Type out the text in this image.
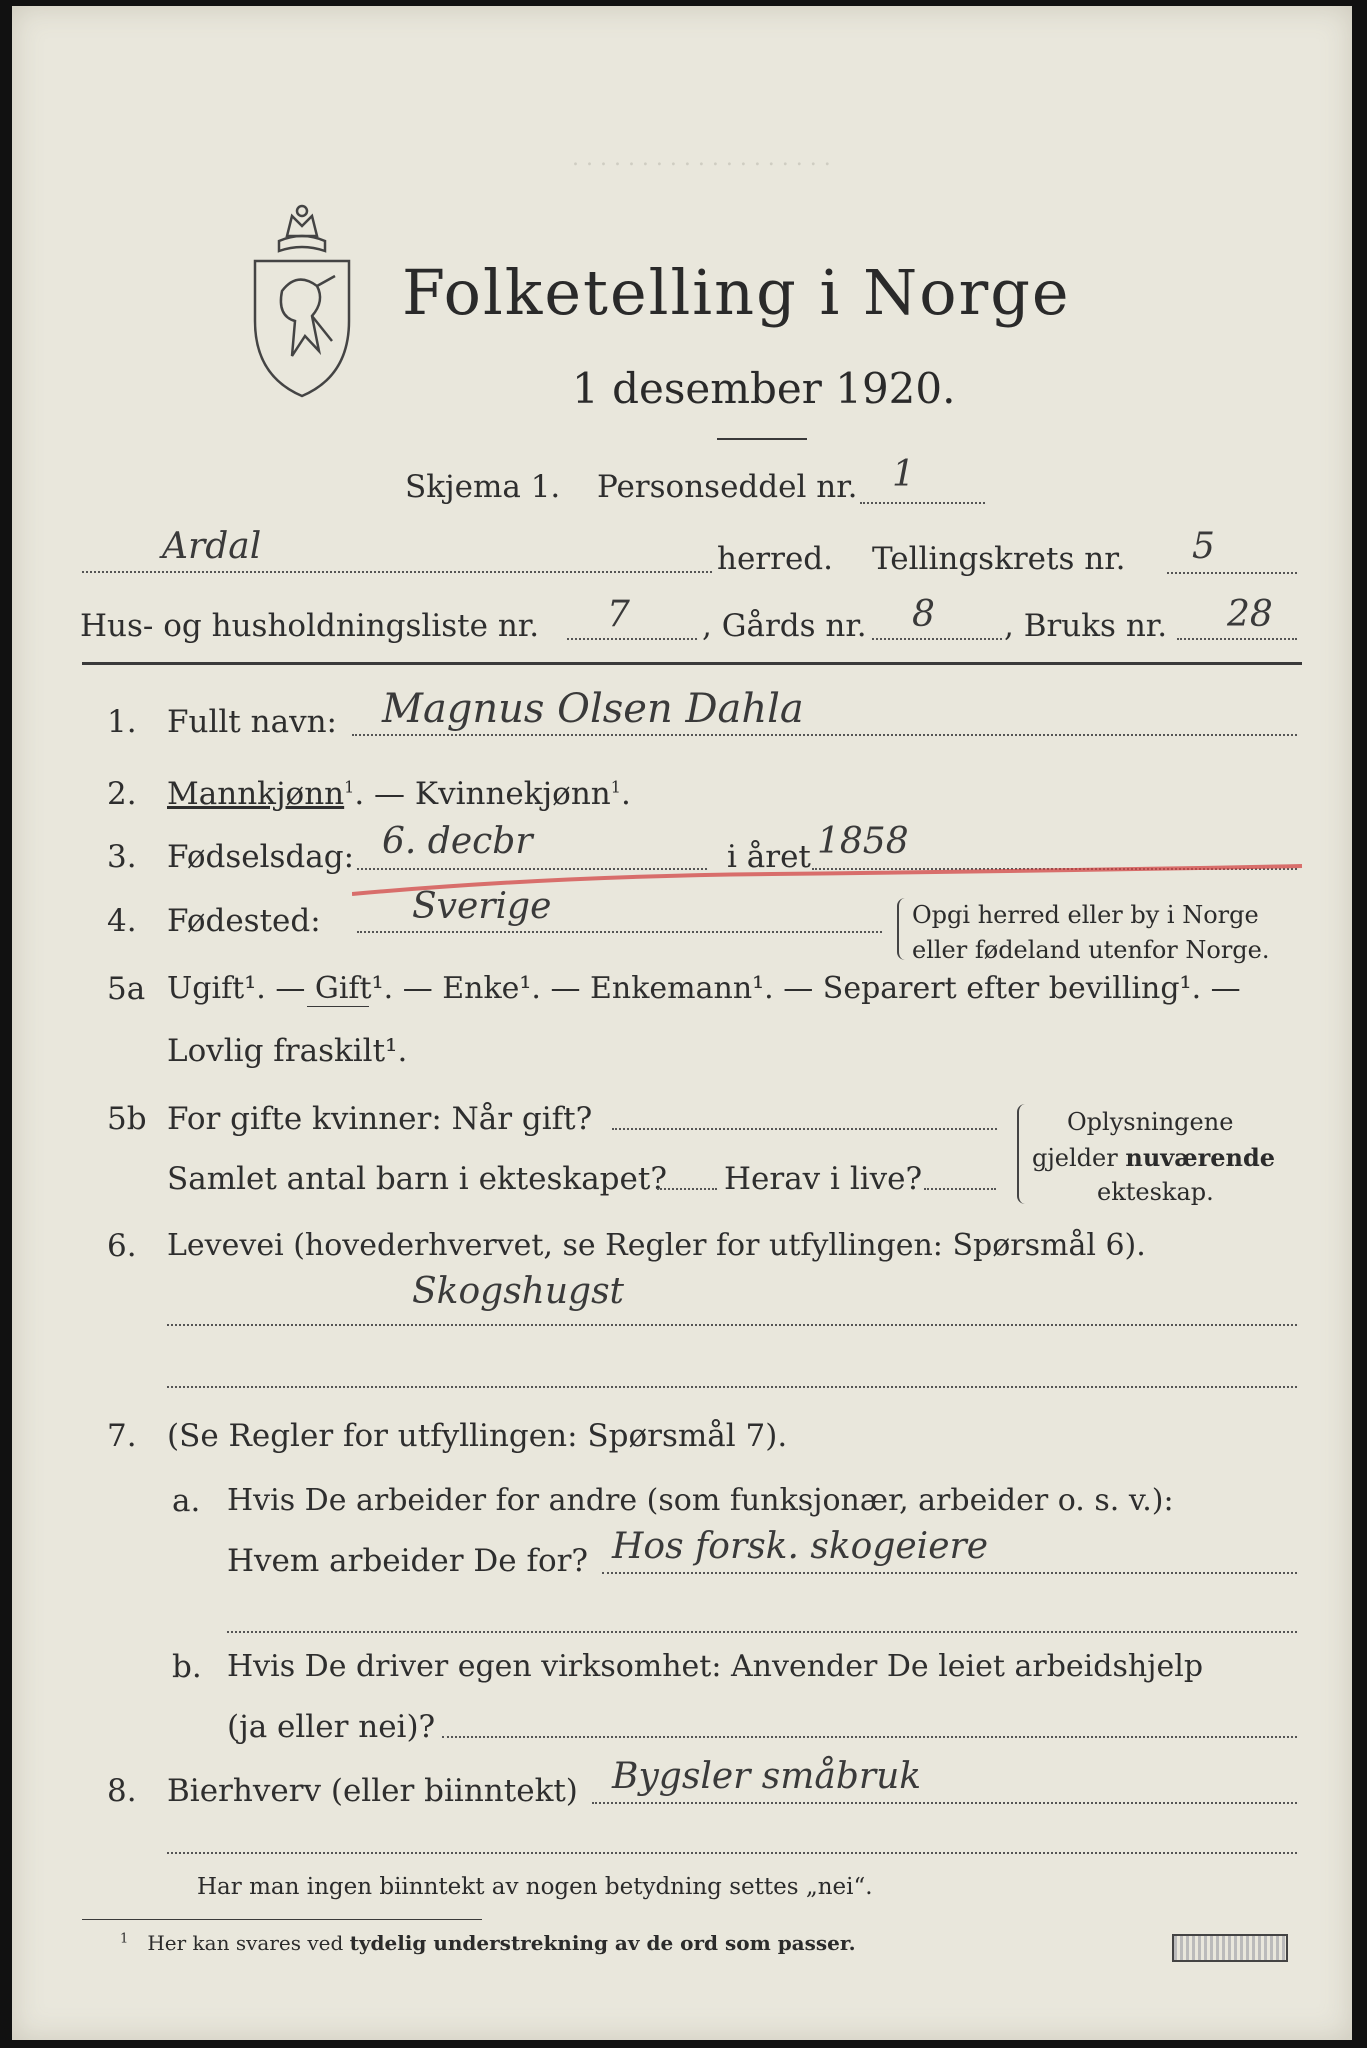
. . . . . . . . . . . . . . . . . . .
Folketelling i Norge
1 desember 1920.
Skjema 1. Personseddel nr. 1
Ardal	herred. Tellingskrets nr. 5
Hus- og husholdningsliste nr. 7 , Gårds nr. 8 , Bruks nr. 28
1. Fullt navn: Magnus Olsen Dahla
2. Mannkjønn$^1$. — Kvinnekjønn$^1$.
3. Fødselsdag: 6. decbr	i året 1858
4. Fødested:	Sverige	Opgi herred eller by i Norge
eller fødeland utenfor Norge.
5a Ugift¹. — Gift¹. — Enke¹. — Enkemann¹. — Separert efter bevilling¹. —
Lovlig fraskilt¹.
5b For gifte kvinner: Når gift?
Samlet antal barn i ekteskapet? Herav i live?
Oplysningene
gjelder nuværende
ekteskap.
6. Levevei (hovederhvervet, se Regler for utfyllingen: Spørsmål 6).
Skogshugst
7. (Se Regler for utfyllingen: Spørsmål 7).
a. Hvis De arbeider for andre (som funksjonær, arbeider o. s. v.):
Hvem arbeider De for? Hos forsk. skogeiere
b. Hvis De driver egen virksomhet: Anvender De leiet arbeidshjelp
(ja eller nei)?
8. Bierhverv (eller biinntekt) Bygsler småbruk
Har man ingen biinntekt av nogen betydning settes „nei“.
$^1$ Her kan svares ved tydelig understrekning av de ord som passer.
